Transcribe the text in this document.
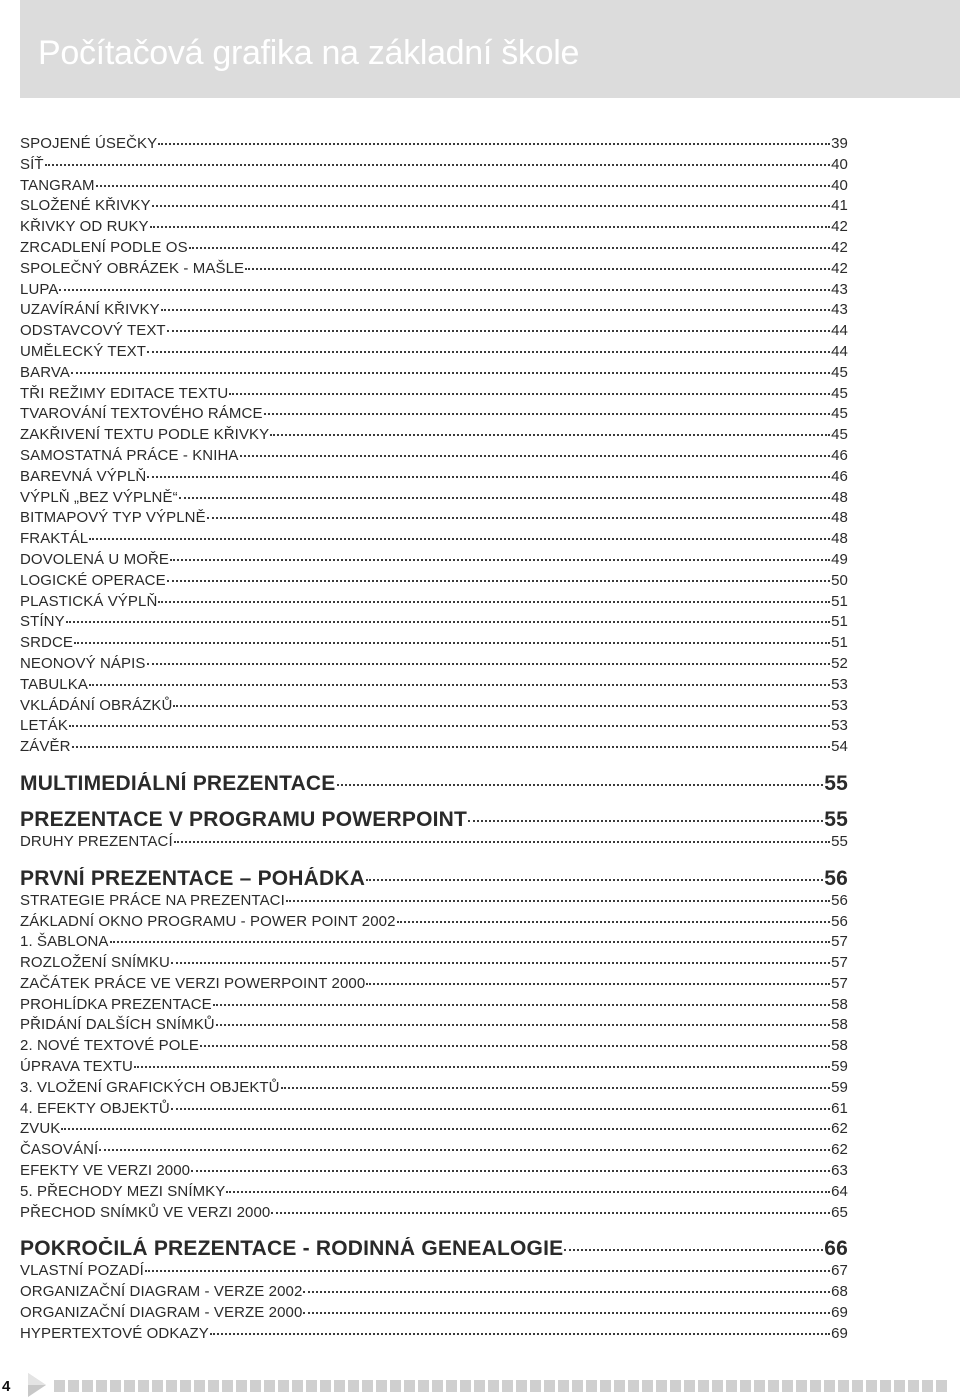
Počítačová grafika na základní škole
SPOJENÉ ÚSEČKY	39
SÍŤ	40
TANGRAM	40
SLOŽENÉ KŘIVKY	41
KŘIVKY OD RUKY	42
ZRCADLENÍ PODLE OS	42
SPOLEČNÝ OBRÁZEK - MAŠLE	42
LUPA	43
UZAVÍRÁNÍ KŘIVKY	43
ODSTAVCOVÝ TEXT	44
UMĚLECKÝ TEXT	44
BARVA	45
TŘI REŽIMY EDITACE TEXTU	45
TVAROVÁNÍ TEXTOVÉHO RÁMCE	45
ZAKŘIVENÍ TEXTU PODLE KŘIVKY	45
SAMOSTATNÁ PRÁCE - KNIHA	46
BAREVNÁ VÝPLŇ	46
VÝPLŇ „BEZ VÝPLNĚ“	48
BITMAPOVÝ TYP VÝPLNĚ	48
FRAKTÁL	48
DOVOLENÁ U MOŘE	49
LOGICKÉ OPERACE	50
PLASTICKÁ VÝPLŇ	51
STÍNY	51
SRDCE	51
NEONOVÝ NÁPIS	52
TABULKA	53
VKLÁDÁNÍ OBRÁZKŮ	53
LETÁK	53
ZÁVĚR	54
MULTIMEDIÁLNÍ PREZENTACE	55
PREZENTACE V PROGRAMU POWERPOINT	55
DRUHY PREZENTACÍ	55
PRVNÍ PREZENTACE – POHÁDKA	56
STRATEGIE PRÁCE NA PREZENTACI	56
ZÁKLADNÍ OKNO PROGRAMU - POWER POINT 2002	56
1. ŠABLONA	57
ROZLOŽENÍ SNÍMKU	57
ZAČÁTEK PRÁCE VE VERZI POWERPOINT 2000	57
PROHLÍDKA PREZENTACE	58
PŘIDÁNÍ DALŠÍCH SNÍMKŮ	58
2. NOVÉ TEXTOVÉ POLE	58
ÚPRAVA TEXTU	59
3. VLOŽENÍ GRAFICKÝCH OBJEKTŮ	59
4. EFEKTY OBJEKTŮ	61
ZVUK	62
ČASOVÁNÍ	62
EFEKTY VE VERZI 2000	63
5. PŘECHODY MEZI SNÍMKY	64
PŘECHOD SNÍMKŮ VE VERZI 2000	65
POKROČILÁ PREZENTACE - RODINNÁ GENEALOGIE	66
VLASTNÍ POZADÍ	67
ORGANIZAČNÍ DIAGRAM - VERZE 2002	68
ORGANIZAČNÍ DIAGRAM - VERZE 2000	69
HYPERTEXTOVÉ ODKAZY	69
4
